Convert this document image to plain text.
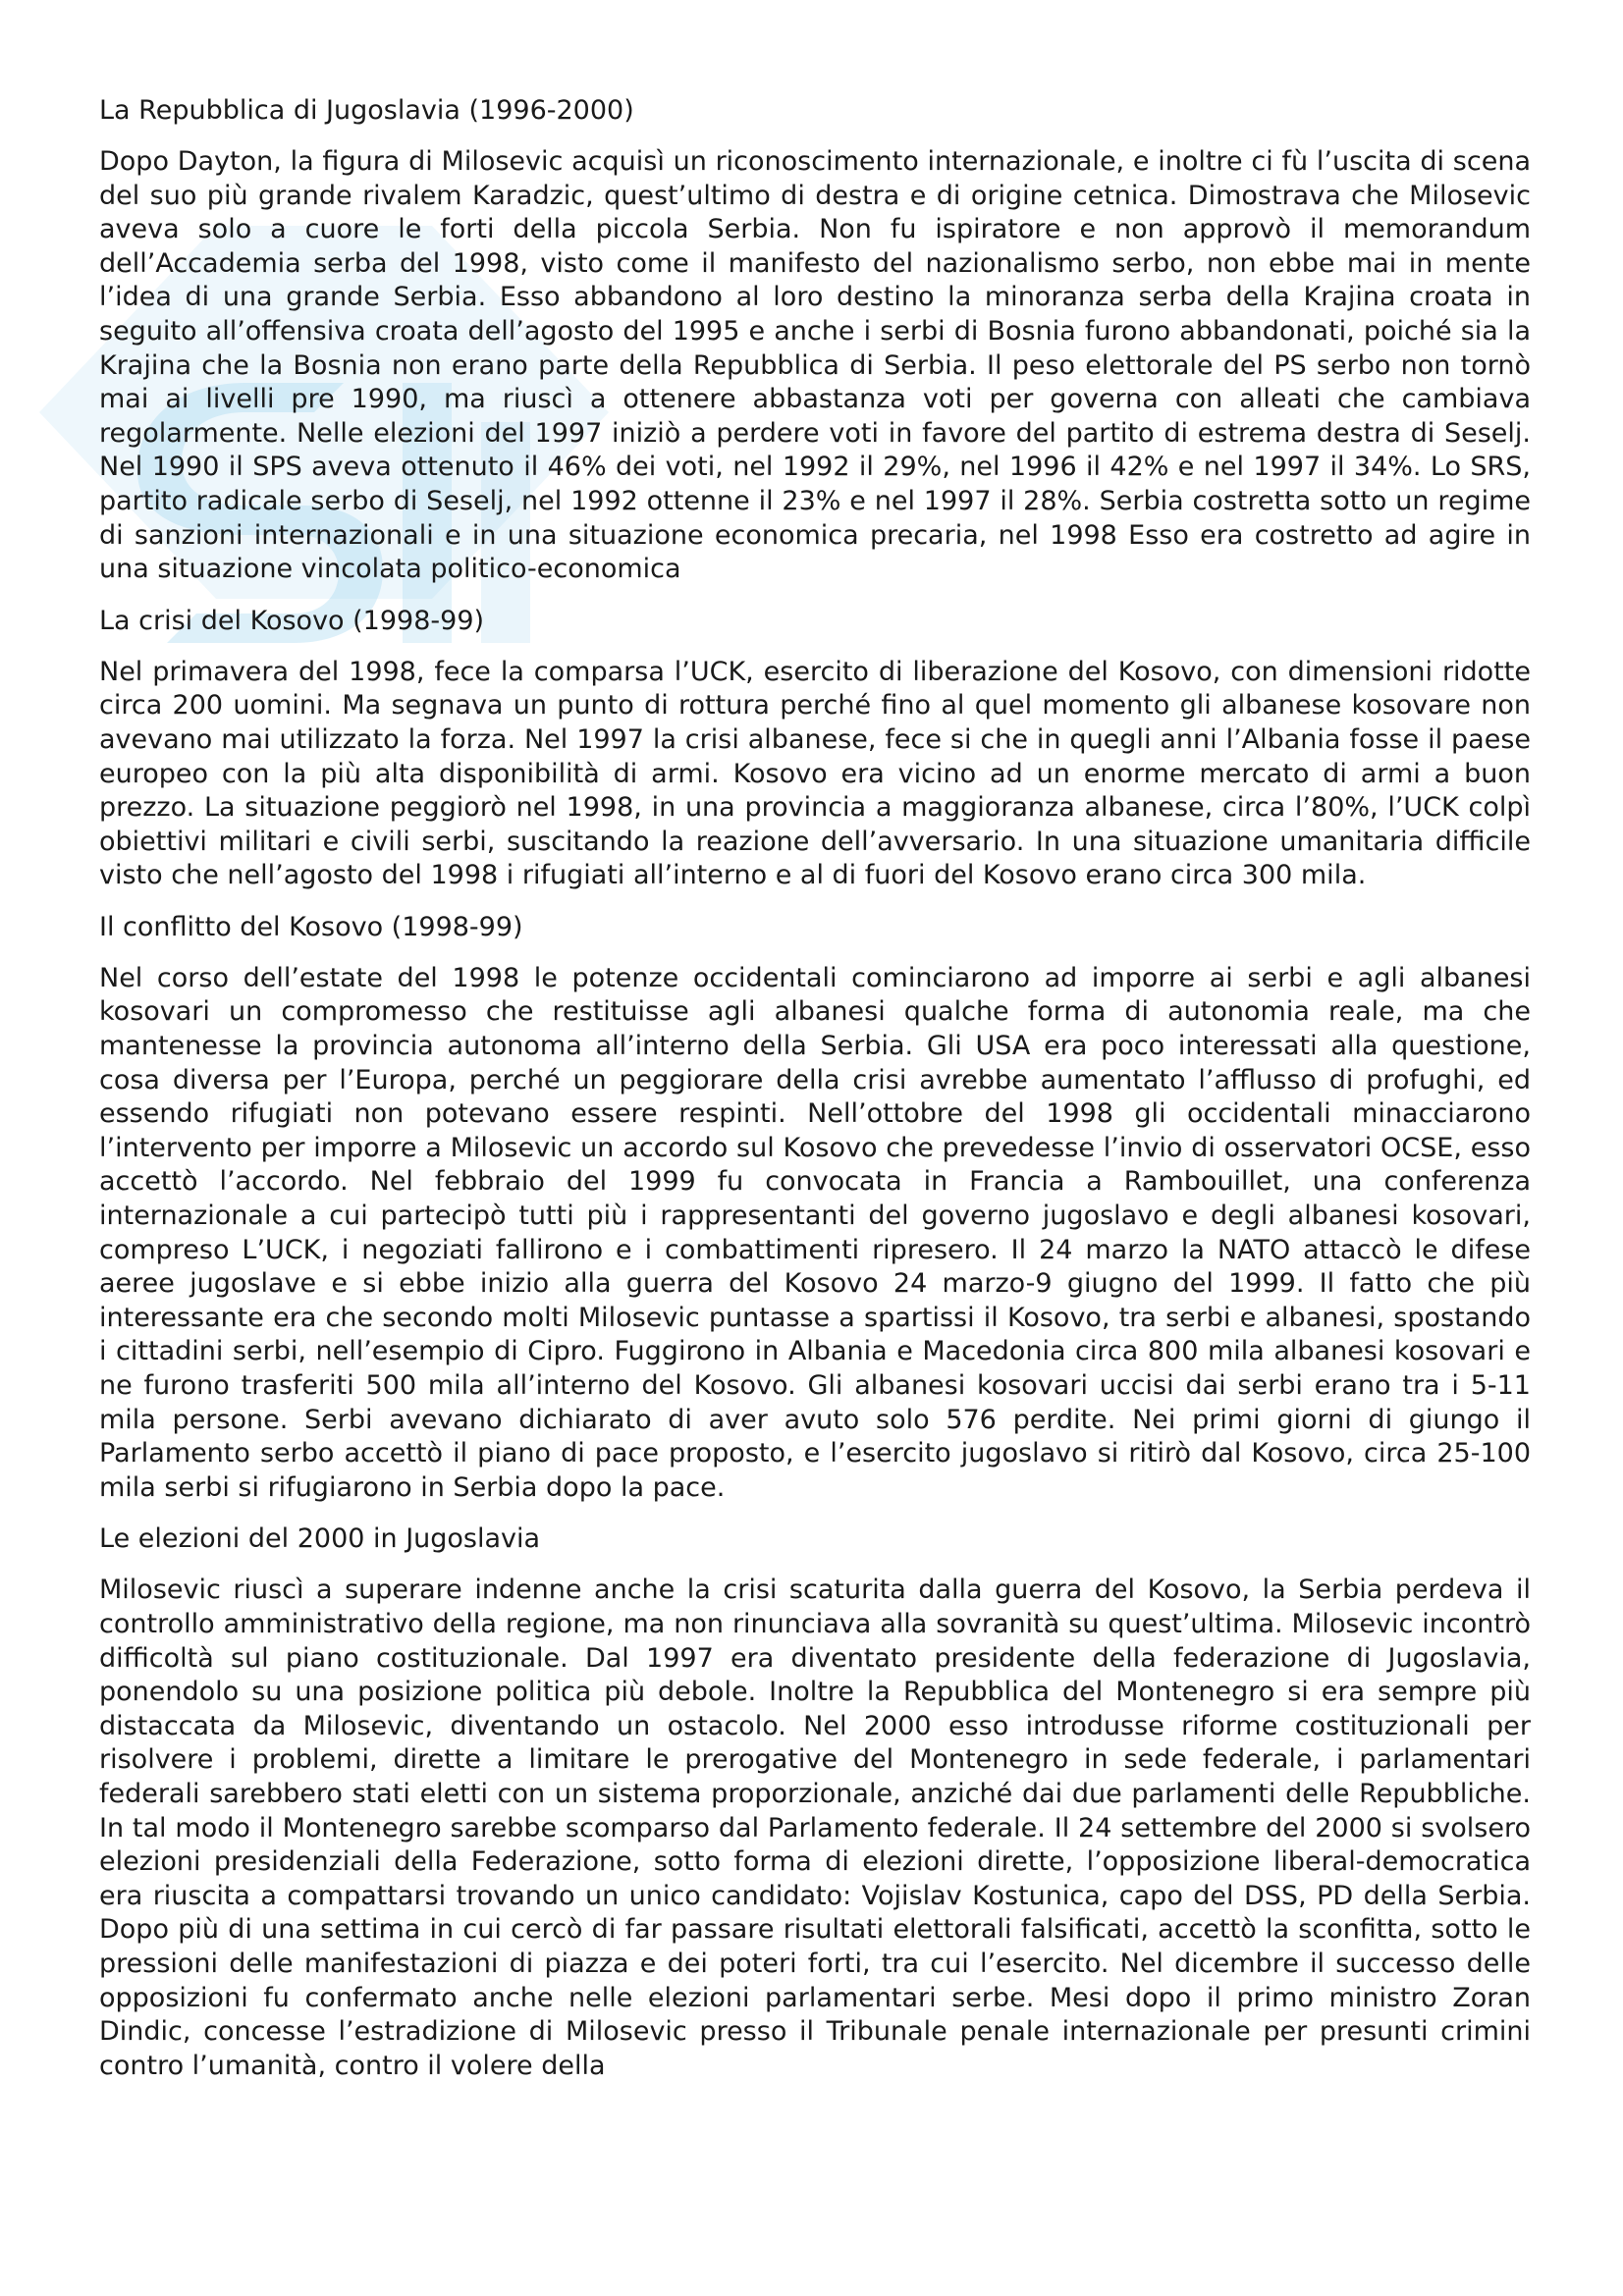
La Repubblica di Jugoslavia (1996-2000)

Dopo Dayton, la figura di Milosevic acquisì un riconoscimento internazionale, e inoltre ci fù l’uscita di scena del suo più grande rivalem Karadzic, quest’ultimo di destra e di origine cetnica. Dimostrava che Milosevic aveva solo a cuore le forti della piccola Serbia. Non fu ispiratore e non approvò il memorandum dell’Accademia serba del 1998, visto come il manifesto del nazionalismo serbo, non ebbe mai in mente l’idea di una grande Serbia. Esso abbandono al loro destino la minoranza serba della Krajina croata in seguito all’offensiva croata dell’agosto del 1995 e anche i serbi di Bosnia furono abbandonati, poiché sia la Krajina che la Bosnia non erano parte della Repubblica di Serbia. Il peso elettorale del PS serbo non tornò mai ai livelli pre 1990, ma riuscì a ottenere abbastanza voti per governa con alleati che cambiava regolarmente. Nelle elezioni del 1997 iniziò a perdere voti in favore del partito di estrema destra di Seselj. Nel 1990 il SPS aveva ottenuto il 46% dei voti, nel 1992 il 29%, nel 1996 il 42% e nel 1997 il 34%. Lo SRS, partito radicale serbo di Seselj, nel 1992 ottenne il 23% e nel 1997 il 28%. Serbia costretta sotto un regime di sanzioni internazionali e in una situazione economica precaria, nel 1998 Esso era costretto ad agire in una situazione vincolata politico-economica

La crisi del Kosovo (1998-99)

Nel primavera del 1998, fece la comparsa l’UCK, esercito di liberazione del Kosovo, con dimensioni ridotte circa 200 uomini. Ma segnava un punto di rottura perché fino al quel momento gli albanese kosovare non avevano mai utilizzato la forza. Nel 1997 la crisi albanese, fece si che in quegli anni l’Albania fosse il paese europeo con la più alta disponibilità di armi. Kosovo era vicino ad un enorme mercato di armi a buon prezzo. La situazione peggiorò nel 1998, in una provincia a maggioranza albanese, circa l’80%, l’UCK colpì obiettivi militari e civili serbi, suscitando la reazione dell’avversario. In una situazione umanitaria difficile visto che nell’agosto del 1998 i rifugiati all’interno e al di fuori del Kosovo erano circa 300 mila.

Il conflitto del Kosovo (1998-99)

Nel corso dell’estate del 1998 le potenze occidentali cominciarono ad imporre ai serbi e agli albanesi kosovari un compromesso che restituisse agli albanesi qualche forma di autonomia reale, ma che mantenesse la provincia autonoma all’interno della Serbia. Gli USA era poco interessati alla questione, cosa diversa per l’Europa, perché un peggiorare della crisi avrebbe aumentato l’afflusso di profughi, ed essendo rifugiati non potevano essere respinti. Nell’ottobre del 1998 gli occidentali minacciarono l’intervento per imporre a Milosevic un accordo sul Kosovo che prevedesse l’invio di osservatori OCSE, esso accettò l’accordo. Nel febbraio del 1999 fu convocata in Francia a Rambouillet, una conferenza internazionale a cui partecipò tutti più i rappresentanti del governo jugoslavo e degli albanesi kosovari, compreso L’UCK, i negoziati fallirono e i combattimenti ripresero. Il 24 marzo la NATO attaccò le difese aeree jugoslave e si ebbe inizio alla guerra del Kosovo 24 marzo-9 giugno del 1999. Il fatto che più interessante era che secondo molti Milosevic puntasse a spartissi il Kosovo, tra serbi e albanesi, spostando i cittadini serbi, nell’esempio di Cipro. Fuggirono in Albania e Macedonia circa 800 mila albanesi kosovari e ne furono trasferiti 500 mila all’interno del Kosovo. Gli albanesi kosovari uccisi dai serbi erano tra i 5-11 mila persone. Serbi avevano dichiarato di aver avuto solo 576 perdite. Nei primi giorni di giungo il Parlamento serbo accettò il piano di pace proposto, e l’esercito jugoslavo si ritirò dal Kosovo, circa 25-100 mila serbi si rifugiarono in Serbia dopo la pace.

Le elezioni del 2000 in Jugoslavia

Milosevic riuscì a superare indenne anche la crisi scaturita dalla guerra del Kosovo, la Serbia perdeva il controllo amministrativo della regione, ma non rinunciava alla sovranità su quest’ultima. Milosevic incontrò difficoltà sul piano costituzionale. Dal 1997 era diventato presidente della federazione di Jugoslavia, ponendolo su una posizione politica più debole. Inoltre la Repubblica del Montenegro si era sempre più distaccata da Milosevic, diventando un ostacolo. Nel 2000 esso introdusse riforme costituzionali per risolvere i problemi, dirette a limitare le prerogative del Montenegro in sede federale, i parlamentari federali sarebbero stati eletti con un sistema proporzionale, anziché dai due parlamenti delle Repubbliche. In tal modo il Montenegro sarebbe scomparso dal Parlamento federale. Il 24 settembre del 2000 si svolsero elezioni presidenziali della Federazione, sotto forma di elezioni dirette, l’opposizione liberal-democratica era riuscita a compattarsi trovando un unico candidato: Vojislav Kostunica, capo del DSS, PD della Serbia. Dopo più di una settima in cui cercò di far passare risultati elettorali falsificati, accettò la sconfitta, sotto le pressioni delle manifestazioni di piazza e dei poteri forti, tra cui l’esercito. Nel dicembre il successo delle opposizioni fu confermato anche nelle elezioni parlamentari serbe. Mesi dopo il primo ministro Zoran Dindic, concesse l’estradizione di Milosevic presso il Tribunale penale internazionale per presunti crimini contro l’umanità, contro il volere della
